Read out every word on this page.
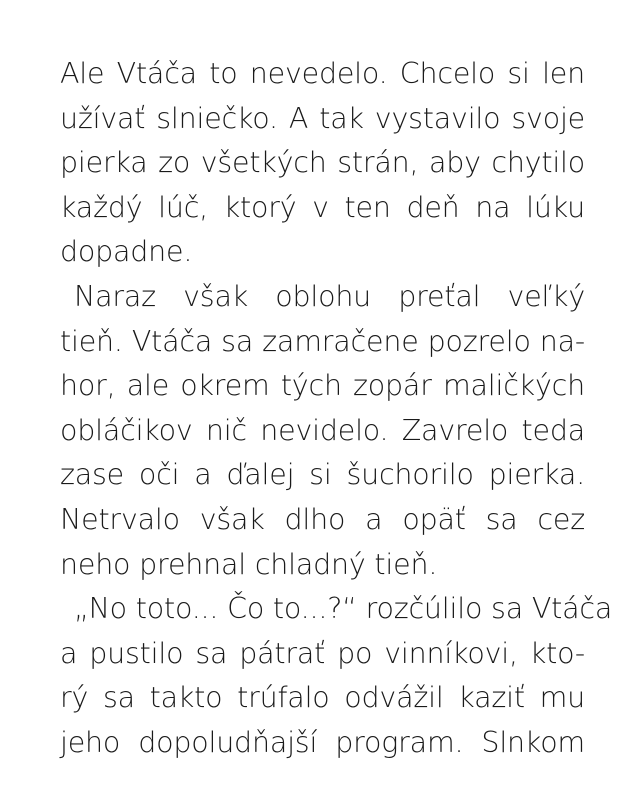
Ale Vtáča to nevedelo. Chcelo si len
užívať slniečko. A tak vystavilo svoje
pierka zo všetkých strán, aby chytilo
každý lúč, ktorý v ten deň na lúku
dopadne.
Naraz však oblohu preťal veľký
tieň. Vtáča sa zamračene pozrelo na-
hor, ale okrem tých zopár maličkých
obláčikov nič nevidelo. Zavrelo teda
zase oči a ďalej si šuchorilo pierka.
Netrvalo však dlho a opäť sa cez
neho prehnal chladný tieň.
„No toto... Čo to...?“ rozčúlilo sa Vtáča
a pustilo sa pátrať po vinníkovi, kto-
rý sa takto trúfalo odvážil kaziť mu
jeho dopoludňajší program. Slnkom
